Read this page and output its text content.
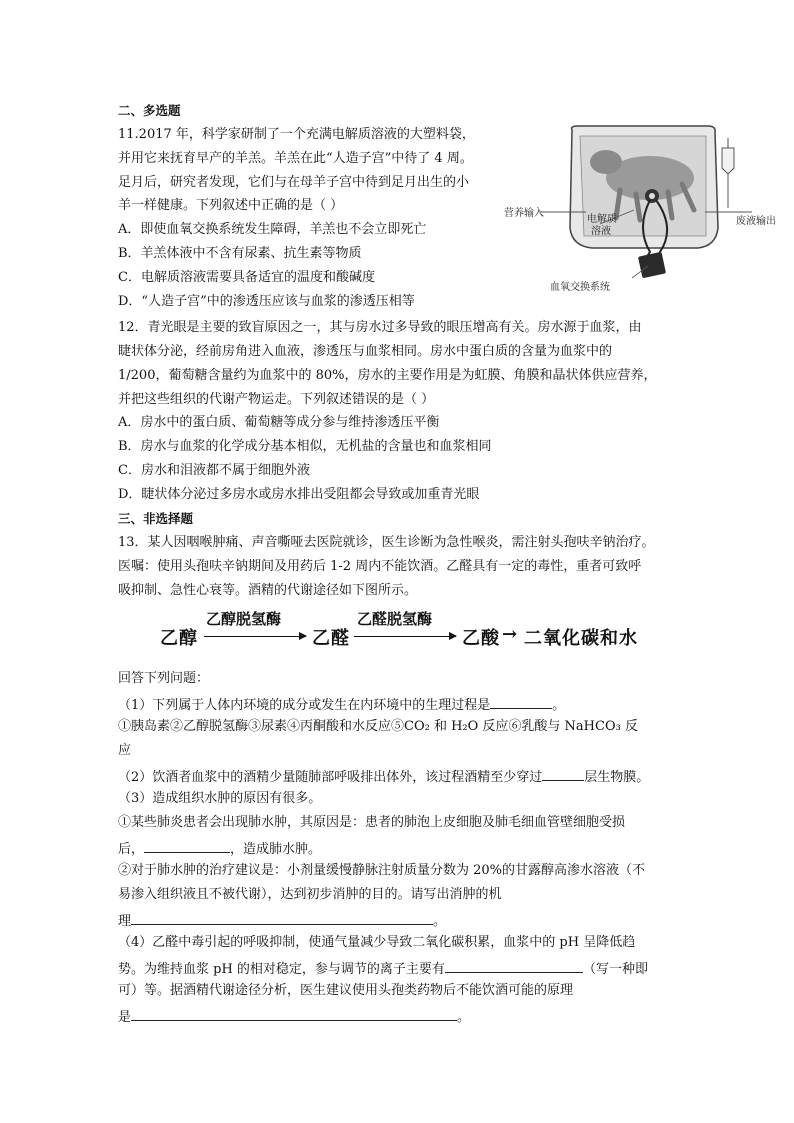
二、多选题
11.2017 年，科学家研制了一个充满电解质溶液的大塑料袋，
并用它来抚育早产的羊羔。羊羔在此“人造子宫”中待了 4 周。
足月后，研究者发现，它们与在母羊子宫中待到足月出生的小
羊一样健康。下列叙述中正确的是（ ）
A．即使血氧交换系统发生障碍，羊羔也不会立即死亡
B．羊羔体液中不含有尿素、抗生素等物质
C．电解质溶液需要具备适宜的温度和酸碱度
D．“人造子宫”中的渗透压应该与血浆的渗透压相等
营养输入
电解质
溶液
废液输出
血氧交换系统
12．青光眼是主要的致盲原因之一，其与房水过多导致的眼压增高有关。房水源于血浆，由
睫状体分泌，经前房角进入血液，渗透压与血浆相同。房水中蛋白质的含量为血浆中的
1/200，葡萄糖含量约为血浆中的 80%，房水的主要作用是为虹膜、角膜和晶状体供应营养，
并把这些组织的代谢产物运走。下列叙述错误的是（ ）
A．房水中的蛋白质、葡萄糖等成分参与维持渗透压平衡
B．房水与血浆的化学成分基本相似，无机盐的含量也和血浆相同
C．房水和泪液都不属于细胞外液
D．睫状体分泌过多房水或房水排出受阻都会导致或加重青光眼
三、非选择题
13．某人因咽喉肿痛、声音嘶哑去医院就诊，医生诊断为急性喉炎，需注射头孢呋辛钠治疗。
医嘱：使用头孢呋辛钠期间及用药后 1-2 周内不能饮酒。乙醛具有一定的毒性，重者可致呼
吸抑制、急性心衰等。酒精的代谢途径如下图所示。
乙醇
乙醇脱氢酶
乙醛
乙醛脱氢酶
乙酸 → 二氧化碳和水
回答下列问题：
（1）下列属于人体内环境的成分或发生在内环境中的生理过程是	。
①胰岛素②乙醇脱氢酶③尿素④丙酮酸和水反应⑤CO₂ 和 H₂O 反应⑥乳酸与 NaHCO₃ 反
应
（2）饮酒者血浆中的酒精少量随肺部呼吸排出体外，该过程酒精至少穿过	层生物膜。
（3）造成组织水肿的原因有很多。
①某些肺炎患者会出现肺水肿，其原因是：患者的肺泡上皮细胞及肺毛细血管壁细胞受损
后，	，造成肺水肿。
②对于肺水肿的治疗建议是：小剂量缓慢静脉注射质量分数为 20%的甘露醇高渗水溶液（不
易渗入组织液且不被代谢），达到初步消肿的目的。请写出消肿的机
理	。
（4）乙醛中毒引起的呼吸抑制，使通气量减少导致二氧化碳积累，血浆中的 pH 呈降低趋
势。为维持血浆 pH 的相对稳定，参与调节的离子主要有	（写一种即
可）等。据酒精代谢途径分析，医生建议使用头孢类药物后不能饮酒可能的原理
是	。
